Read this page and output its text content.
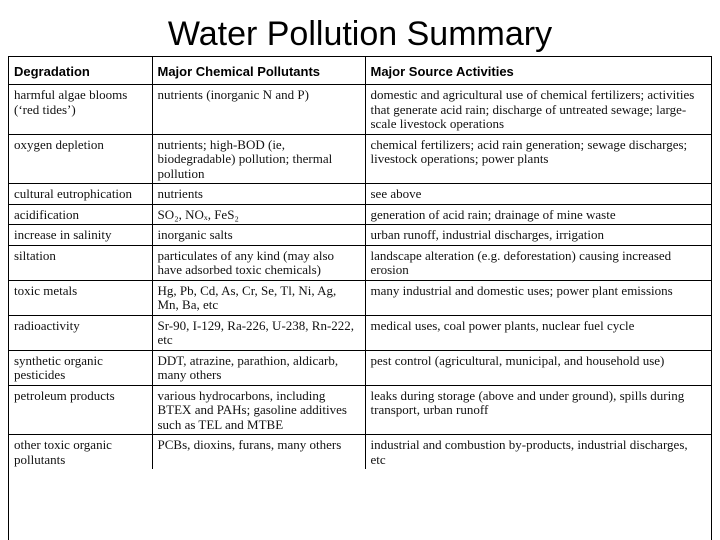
Water Pollution Summary
Degradation	Major Chemical Pollutants	Major Source Activities
harmful algae blooms (‘red tides’)	nutrients (inorganic N and P)	domestic and agricultural use of chemical fertilizers; activities that generate acid rain; discharge of untreated sewage; large-scale livestock operations
oxygen depletion	nutrients; high-BOD (ie, biodegradable) pollution; thermal pollution	chemical fertilizers; acid rain generation; sewage discharges; livestock operations; power plants
cultural eutrophication	nutrients	see above
acidification	SO₂, NOₓ, FeS₂	generation of acid rain; drainage of mine waste
increase in salinity	inorganic salts	urban runoff, industrial discharges, irrigation
siltation	particulates of any kind (may also have adsorbed toxic chemicals)	landscape alteration (e.g. deforestation) causing increased erosion
toxic metals	Hg, Pb, Cd, As, Cr, Se, Tl, Ni, Ag, Mn, Ba, etc	many industrial and domestic uses; power plant emissions
radioactivity	Sr-90, I-129, Ra-226, U-238, Rn-222, etc	medical uses, coal power plants, nuclear fuel cycle
synthetic organic pesticides	DDT, atrazine, parathion, aldicarb, many others	pest control (agricultural, municipal, and household use)
petroleum products	various hydrocarbons, including BTEX and PAHs; gasoline additives such as TEL and MTBE	leaks during storage (above and under ground), spills during transport, urban runoff
other toxic organic pollutants	PCBs, dioxins, furans, many others	industrial and combustion by-products, industrial discharges, etc
